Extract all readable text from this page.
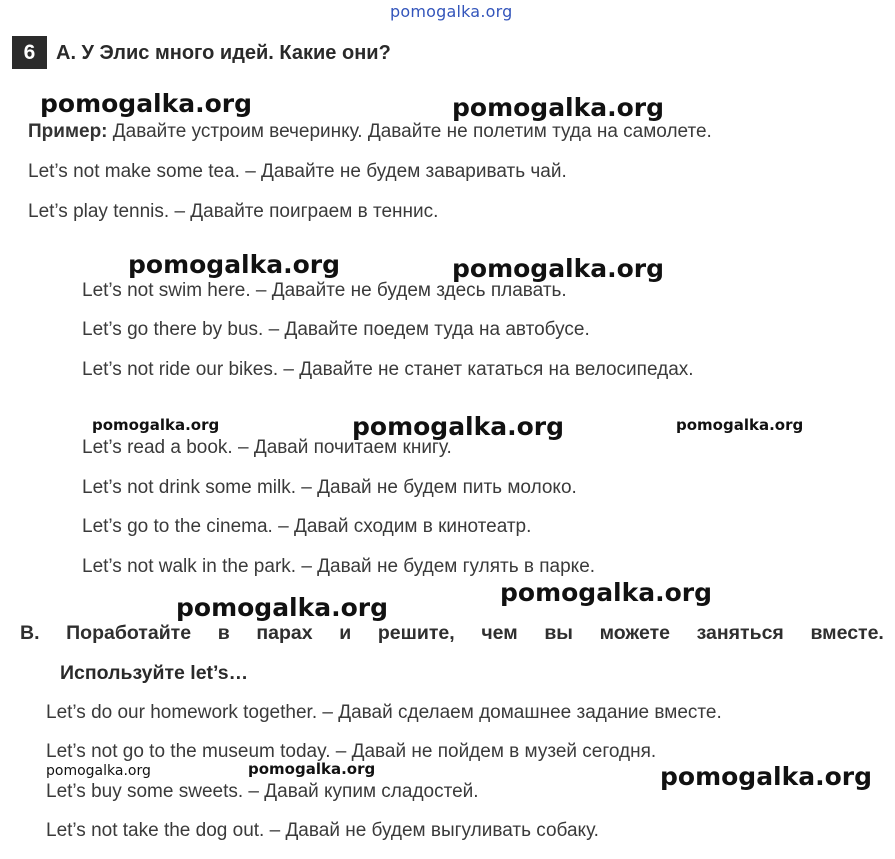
pomogalka.org
6	A. У Элис много идей. Какие они?
Пример: Давайте устроим вечеринку. Давайте не полетим туда на самолете.
Let’s not make some tea. – Давайте не будем заваривать чай.
Let’s play tennis. – Давайте поиграем в теннис.
Let’s not swim here. – Давайте не будем здесь плавать.
Let’s go there by bus. – Давайте поедем туда на автобусе.
Let’s not ride our bikes. – Давайте не станет кататься на велосипедах.
Let’s read a book. – Давай почитаем книгу.
Let’s not drink some milk. – Давай не будем пить молоко.
Let’s go to the cinema. – Давай сходим в кинотеатр.
Let’s not walk in the park. – Давай не будем гулять в парке.
B. Поработайте в парах и решите, чем вы можете заняться вместе.
Используйте let’s…
Let’s do our homework together. – Давай сделаем домашнее задание вместе.
Let’s not go to the museum today. – Давай не пойдем в музей сегодня.
Let’s buy some sweets. – Давай купим сладостей.
Let’s not take the dog out. – Давай не будем выгуливать собаку.
pomogalka.org	pomogalka.org
pomogalka.org	pomogalka.org
pomogalka.org	pomogalka.org	pomogalka.org
pomogalka.org
pomogalka.org
pomogalka.org	pomogalka.org	pomogalka.org
